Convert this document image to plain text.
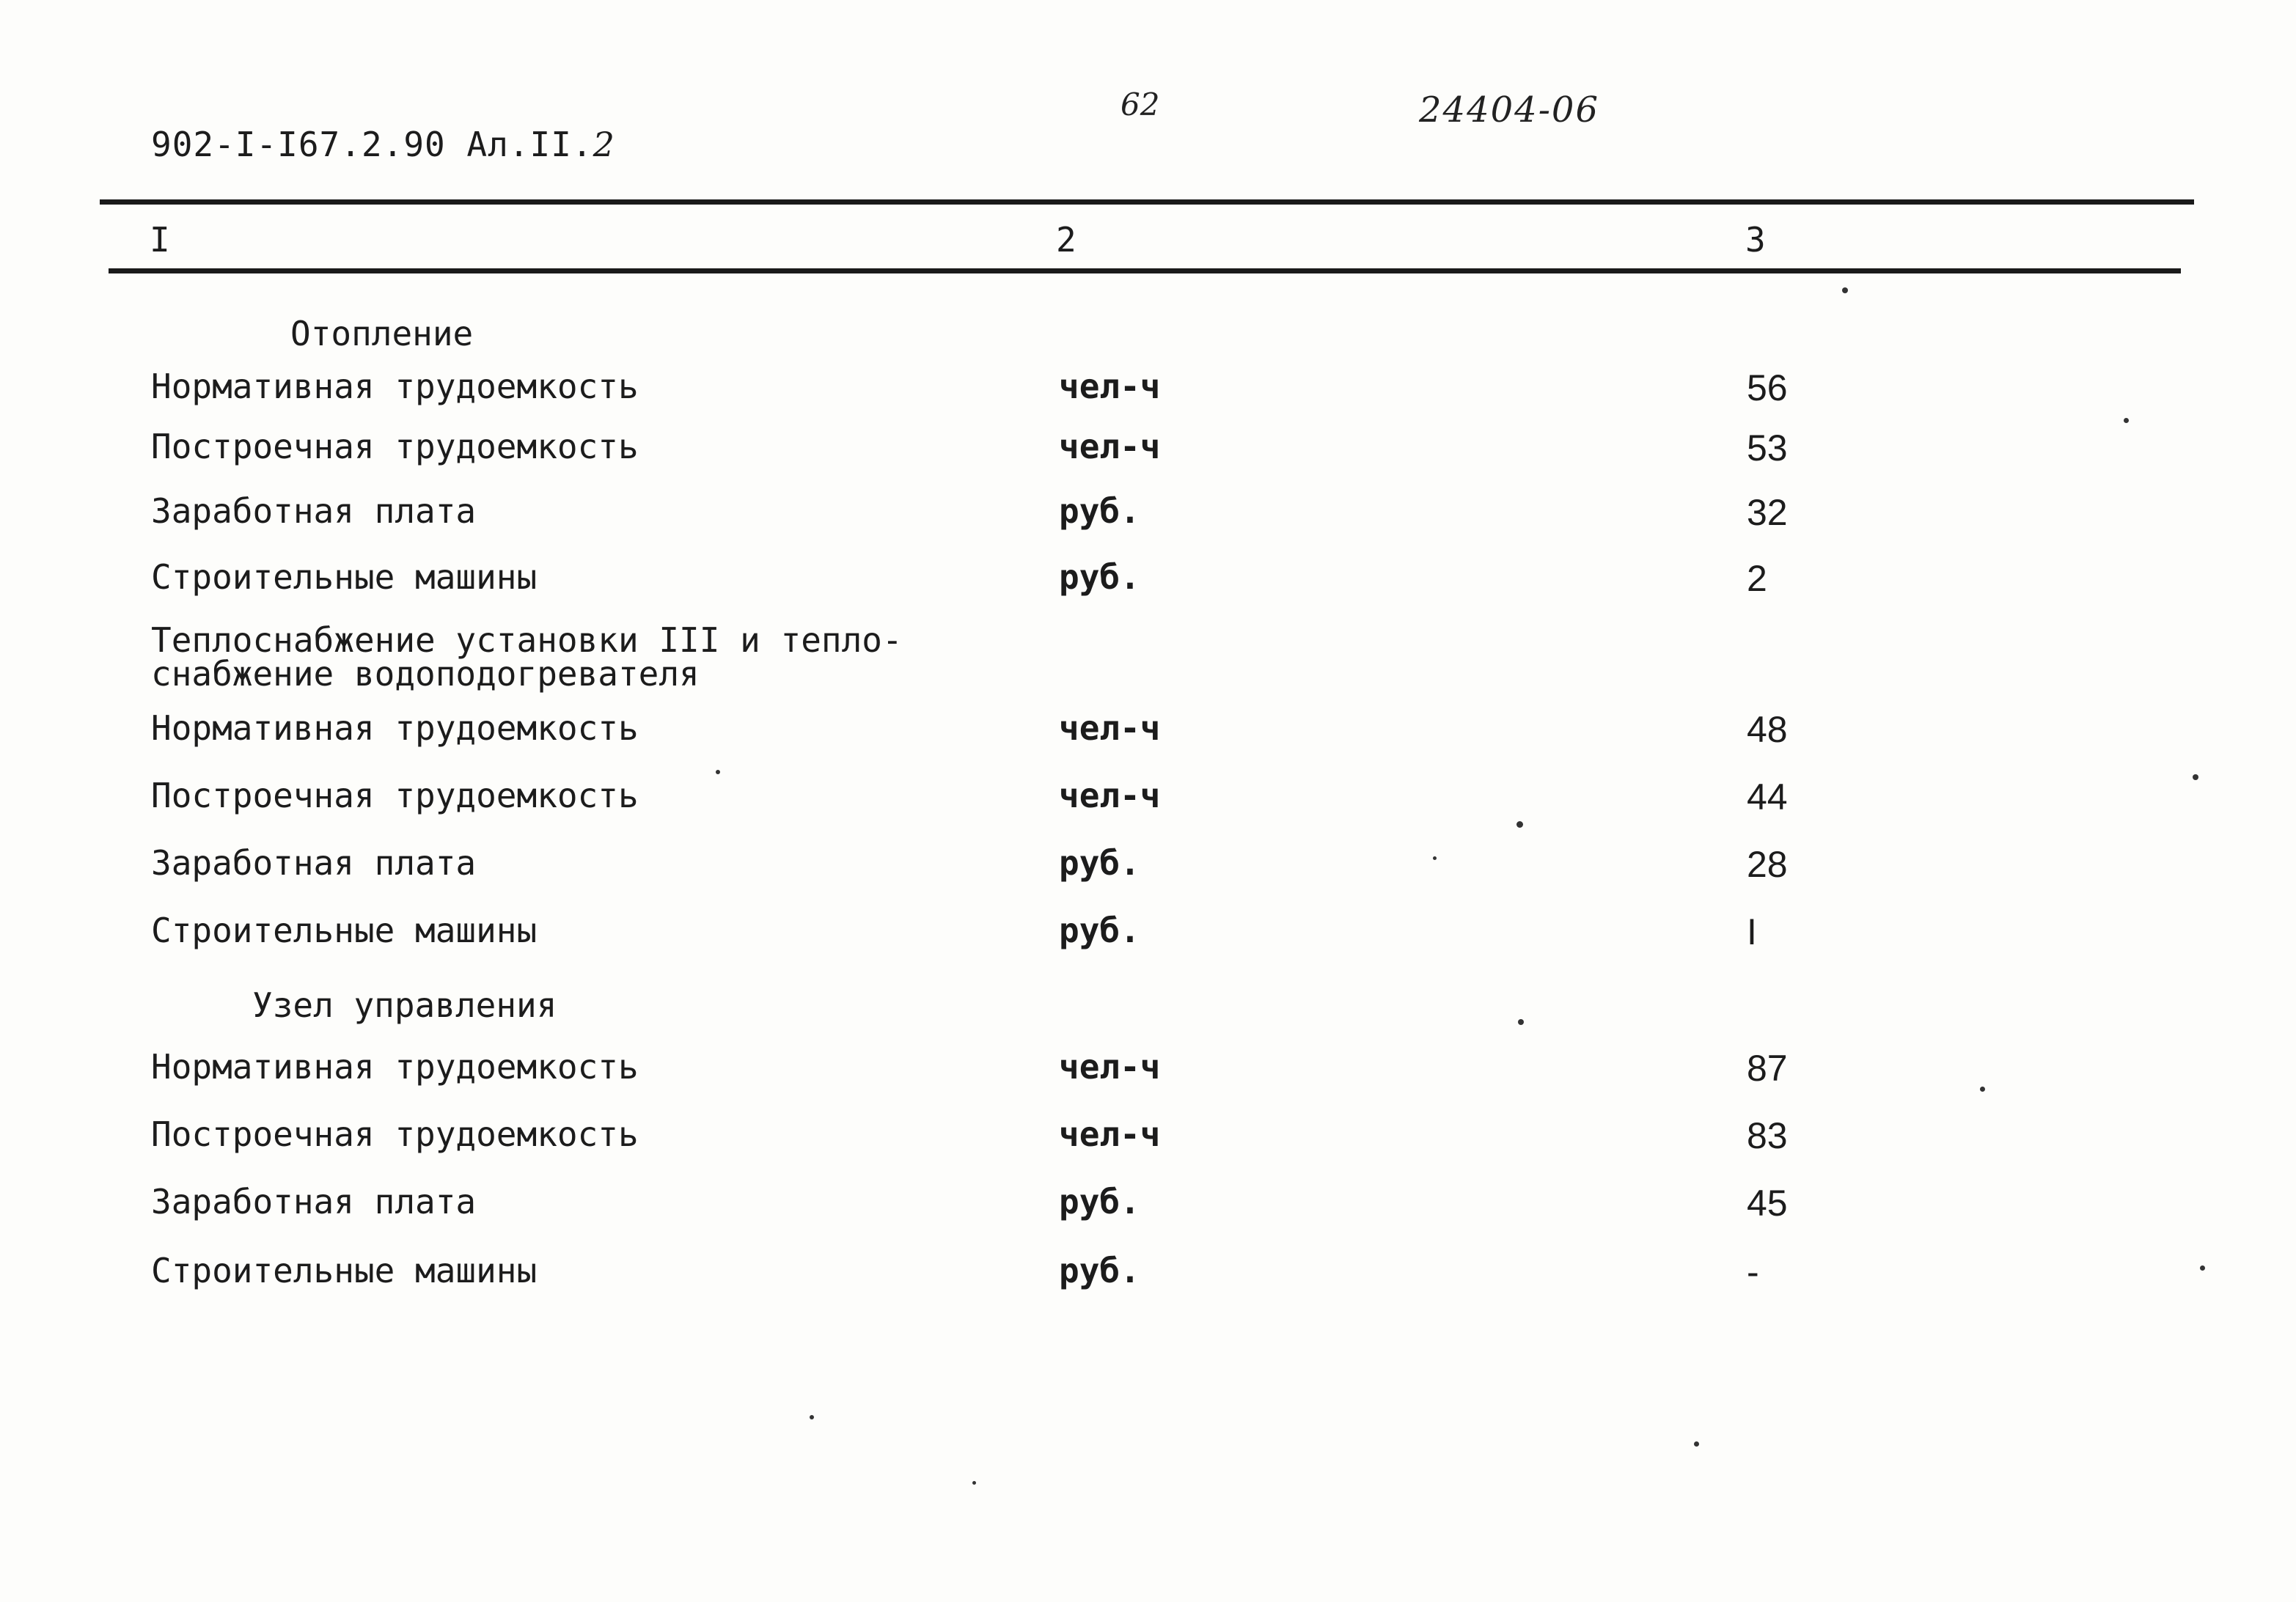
902-I-I67.2.90 Ал.II.2
62	24404-06
I	2	3
Отопление
Нормативная трудоемкость	чел-ч	56
Построечная трудоемкость	чел-ч	53
Заработная плата	руб.	32
Строительные машины	руб.	2
Теплоснабжение установки III и тепло-
снабжение водоподогревателя
Нормативная трудоемкость	чел-ч	48
Построечная трудоемкость	чел-ч	44
Заработная плата	руб.	28
Строительные машины	руб.	I
Узел управления
Нормативная трудоемкость	чел-ч	87
Построечная трудоемкость	чел-ч	83
Заработная плата	руб.	45
Строительные машины	руб.	-
